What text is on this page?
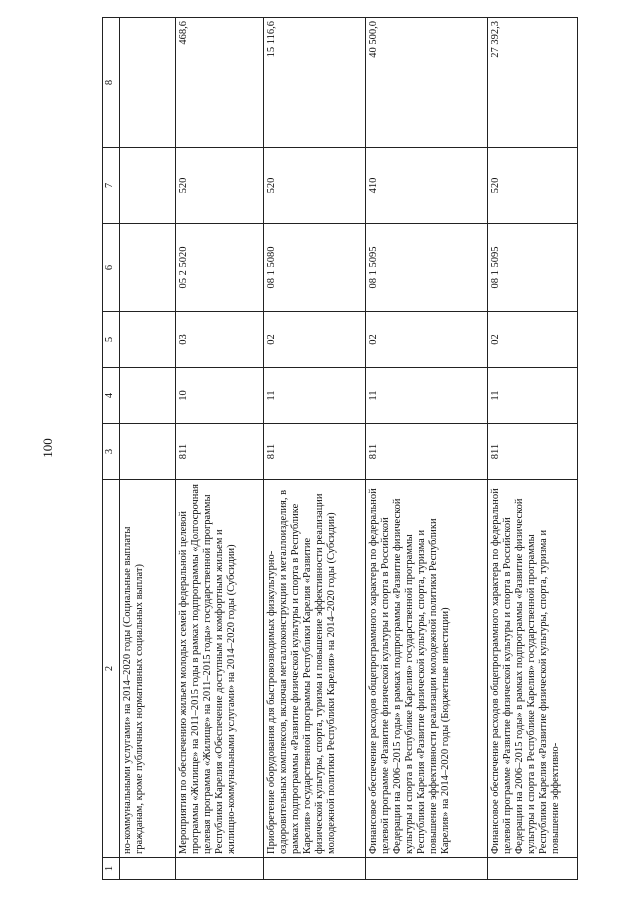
100
1	2	3	4	5	6	7	8
	но-коммунальными услугами» на 2014–2020 годы (Социальные выплаты гражданам, кроме публичных нормативных социальных выплат)						
	Мероприятия по обеспечению жильем молодых семей федеральной целевой программы «Жилище» на 2011–2015 годы в рамках подпрограммы «Долгосрочная целевая программа «Жилище» на 2011–2015 годы» государственной программы Республики Карелия «Обеспечение доступным и комфортным жильем и жилищно-коммунальными услугами» на 2014–2020 годы (Субсидии)	811	10	03	05 2 5020	520	468,6
	Приобретение оборудования для быстровозводимых физкультурно-оздоровительных комплексов, включая металлоконструкции и металлоизделия, в рамках подпрограммы «Развитие физической культуры и спорта в Республике Карелия» государственной программы Республики Карелия «Развитие физической культуры, спорта, туризма и повышение эффективности реализации молодежной политики Республики Карелия» на 2014–2020 годы (Субсидии)	811	11	02	08 1 5080	520	15 116,6
	Финансовое обеспечение расходов общепрограммного характера по федеральной целевой программе «Развитие физической культуры и спорта в Российской Федерации на 2006–2015 годы» в рамках подпрограммы «Развитие физической культуры и спорта в Республике Карелия» государственной программы Республики Карелия «Развитие физической культуры, спорта, туризма и повышение эффективности реализации молодежной политики Республики Карелия» на 2014–2020 годы (Бюджетные инвестиции)	811	11	02	08 1 5095	410	40 500,0
	Финансовое обеспечение расходов общепрограммного характера по федеральной целевой программе «Развитие физической культуры и спорта в Российской Федерации на 2006–2015 годы» в рамках подпрограммы «Развитие физической культуры и спорта в Республике Карелия» государственной программы Республики Карелия «Развитие физической культуры, спорта, туризма и повышение эффективно-	811	11	02	08 1 5095	520	27 392,3
